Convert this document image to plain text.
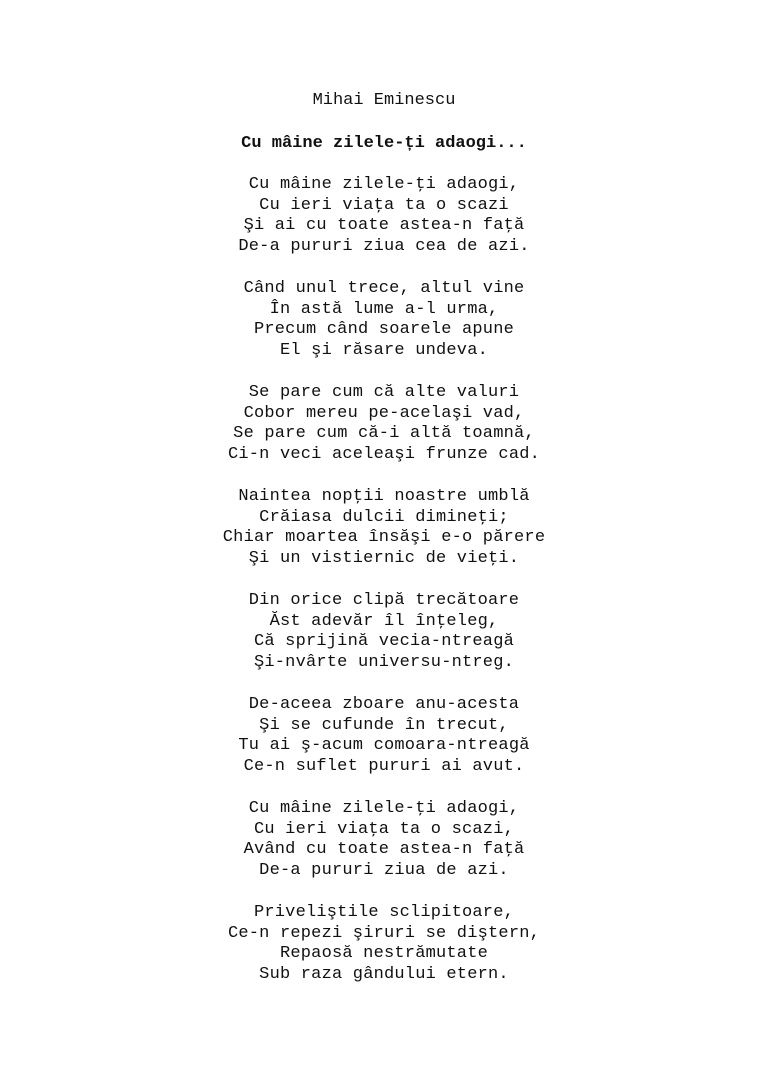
Mihai Eminescu
Cu mâine zilele-ți adaogi...
Cu mâine zilele-ţi adaogi,
Cu ieri viaţa ta o scazi
Şi ai cu toate astea-n faţă
De-a pururi ziua cea de azi.
Când unul trece, altul vine
În astă lume a-l urma,
Precum când soarele apune
El şi răsare undeva.
Se pare cum că alte valuri
Cobor mereu pe-acelaşi vad,
Se pare cum că-i altă toamnă,
Ci-n veci aceleaşi frunze cad.
Naintea nopţii noastre umblă
Crăiasa dulcii dimineţi;
Chiar moartea însăşi e-o părere
Şi un vistiernic de vieţi.
Din orice clipă trecătoare
Ăst adevăr îl înţeleg,
Că sprijină vecia-ntreagă
Şi-nvârte universu-ntreg.
De-aceea zboare anu-acesta
Şi se cufunde în trecut,
Tu ai ş-acum comoara-ntreagă
Ce-n suflet pururi ai avut.
Cu mâine zilele-ţi adaogi,
Cu ieri viaţa ta o scazi,
Având cu toate astea-n faţă
De-a pururi ziua de azi.
Priveliştile sclipitoare,
Ce-n repezi şiruri se diştern,
Repaosă nestrămutate
Sub raza gândului etern.
